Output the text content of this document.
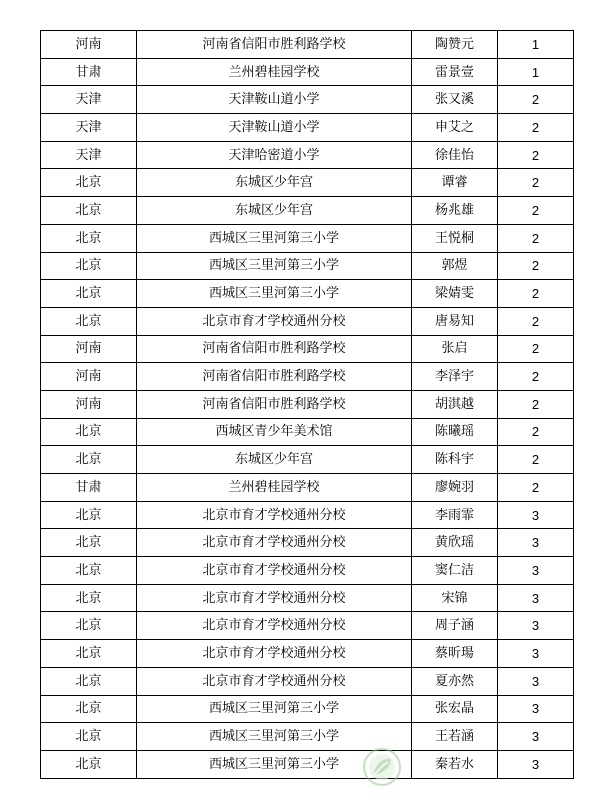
河南	河南省信阳市胜利路学校	陶赞元	1
甘肃	兰州碧桂园学校	雷景壹	1
天津	天津鞍山道小学	张又溪	2
天津	天津鞍山道小学	申艾之	2
天津	天津哈密道小学	徐佳怡	2
北京	东城区少年宫	谭睿	2
北京	东城区少年宫	杨兆雄	2
北京	西城区三里河第三小学	王悦桐	2
北京	西城区三里河第三小学	郭煜	2
北京	西城区三里河第三小学	梁婧雯	2
北京	北京市育才学校通州分校	唐易知	2
河南	河南省信阳市胜利路学校	张启	2
河南	河南省信阳市胜利路学校	李泽宇	2
河南	河南省信阳市胜利路学校	胡淇越	2
北京	西城区青少年美术馆	陈曦瑶	2
北京	东城区少年宫	陈科宇	2
甘肃	兰州碧桂园学校	廖婉羽	2
北京	北京市育才学校通州分校	李雨霏	3
北京	北京市育才学校通州分校	黄欣瑶	3
北京	北京市育才学校通州分校	窦仁洁	3
北京	北京市育才学校通州分校	宋锦	3
北京	北京市育才学校通州分校	周子涵	3
北京	北京市育才学校通州分校	蔡昕瑒	3
北京	北京市育才学校通州分校	夏亦然	3
北京	西城区三里河第三小学	张宏晶	3
北京	西城区三里河第三小学	王若涵	3
北京	西城区三里河第三小学	秦若水	3
